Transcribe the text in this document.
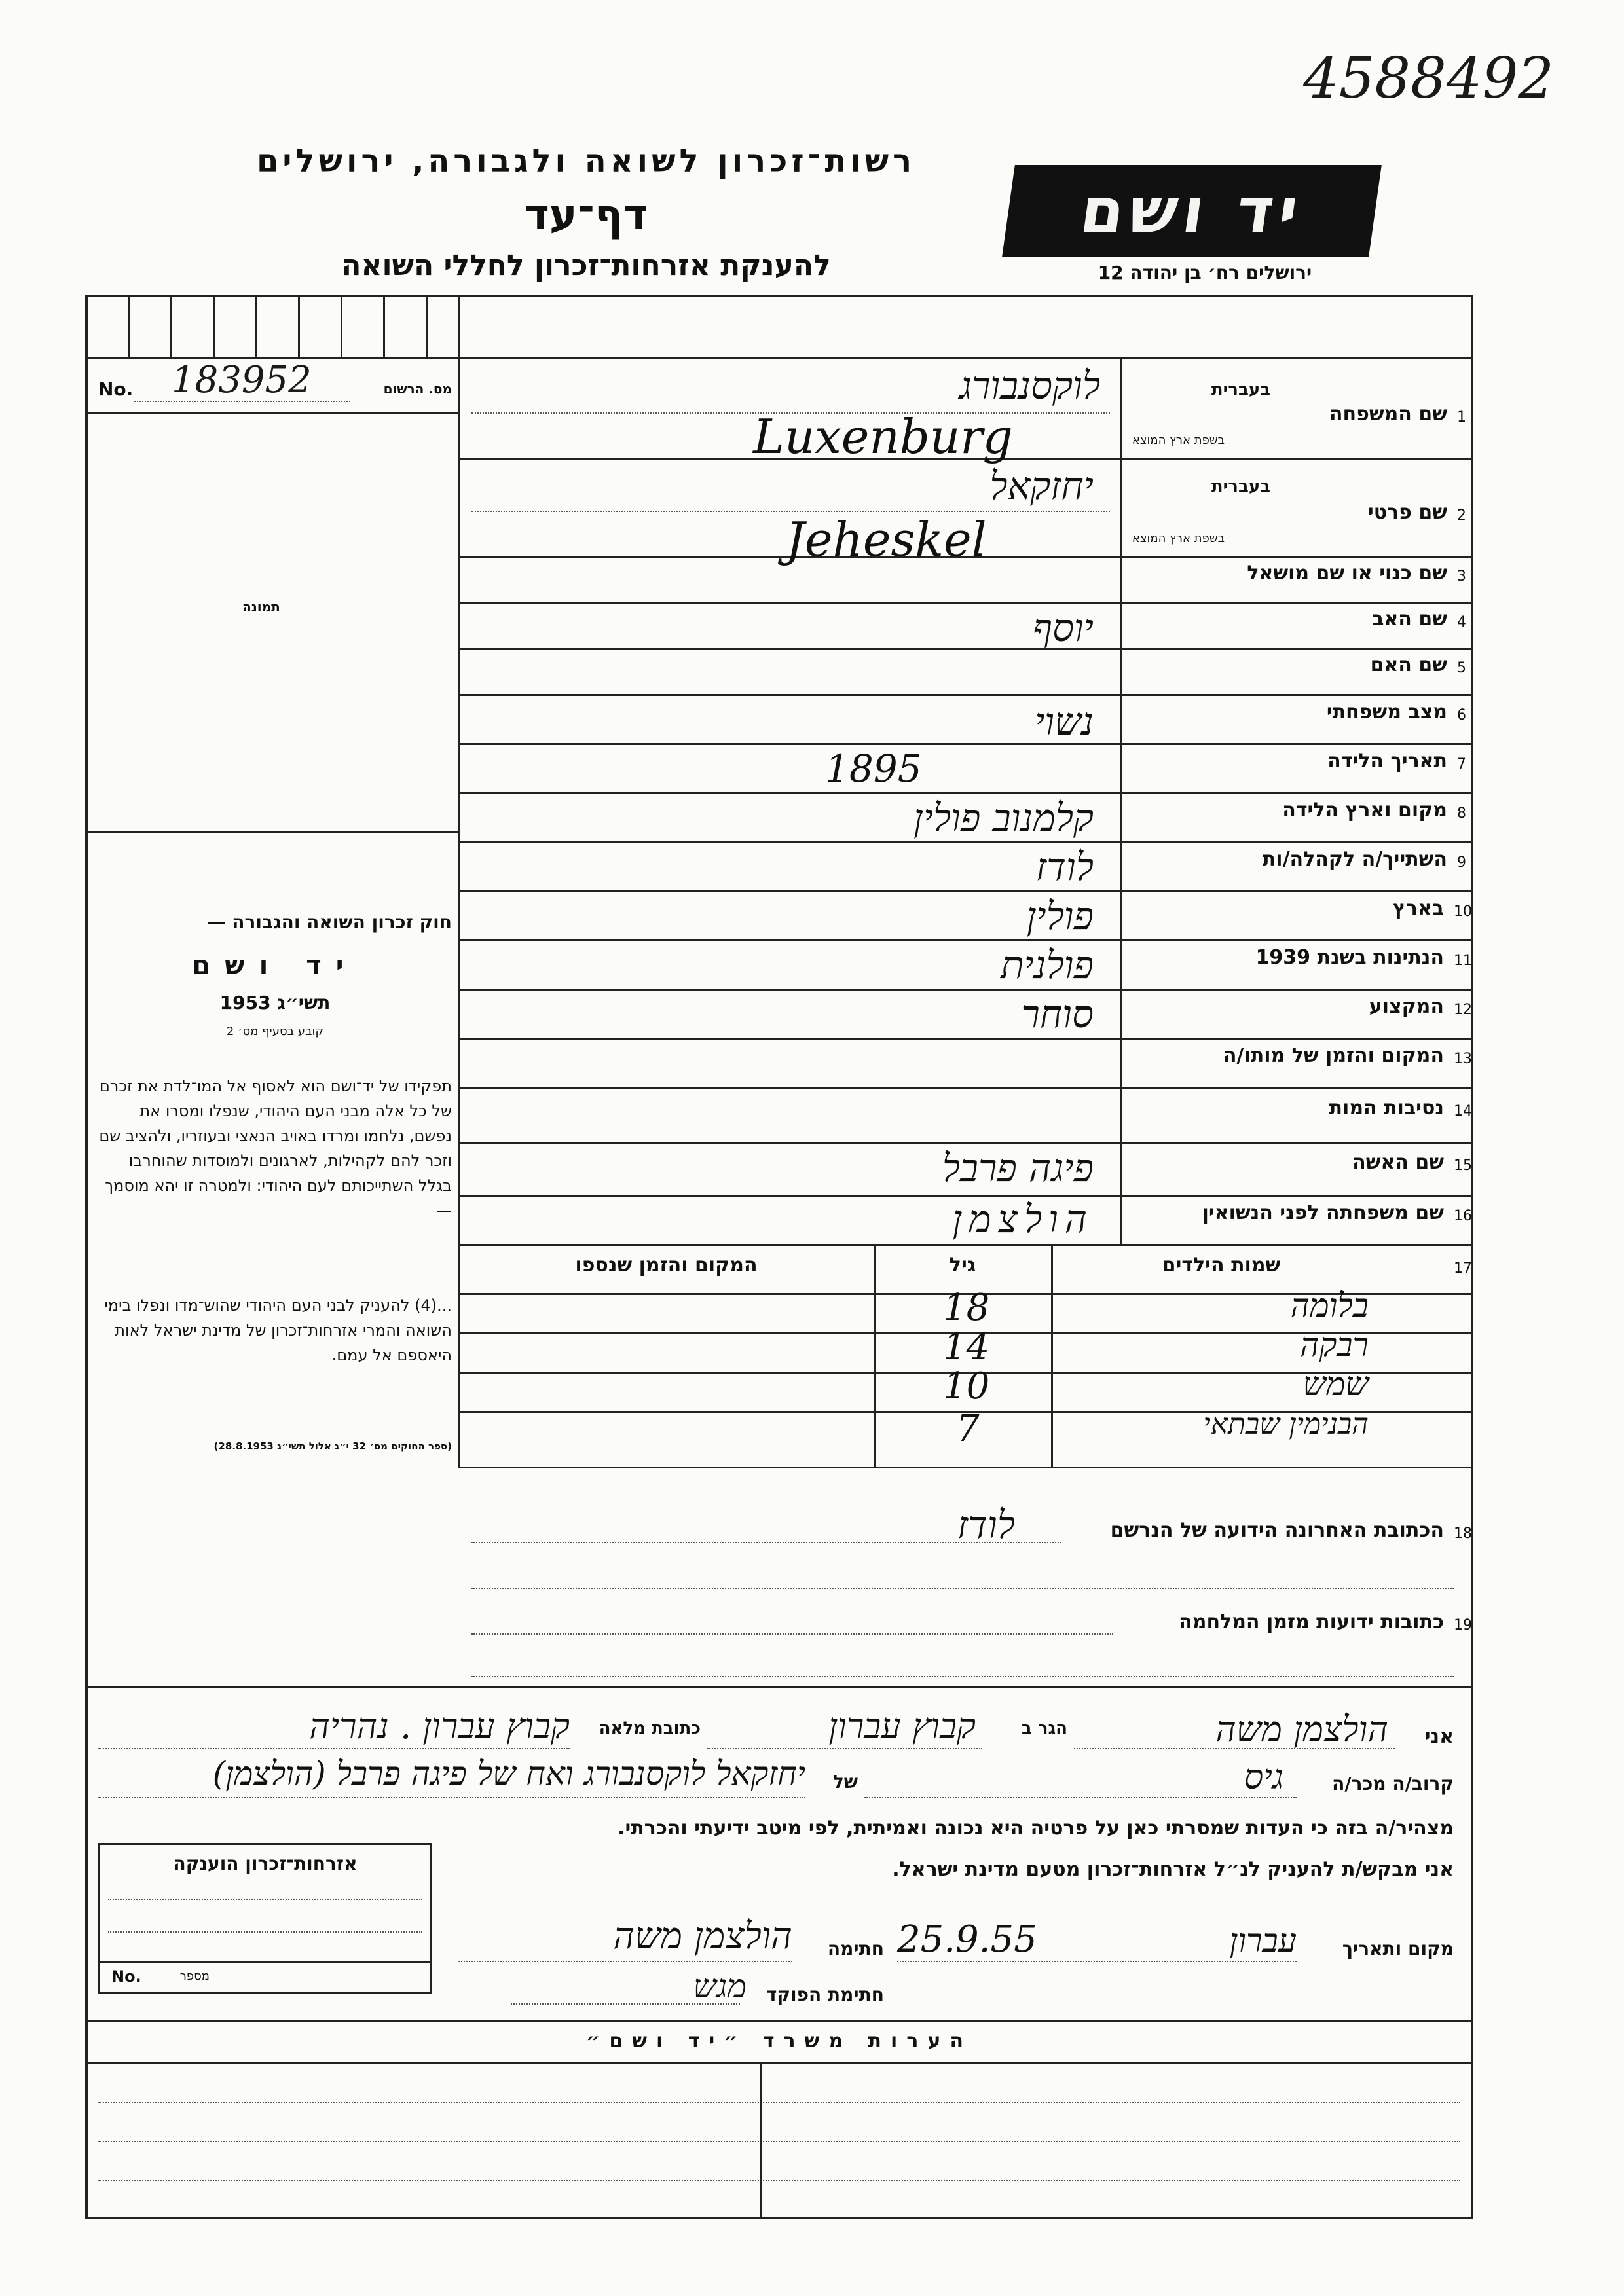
4588492
רשות־זכרון לשואה ולגבורה, ירושלים
דף־עד
להענקת אזרחות־זכרון לחללי השואה
יד ושם
ירושלים רח׳ בן יהודה 12
No. 183952	מס. הרשום
תמונה
חוק זכרון השואה והגבורה —
יד ושם
תשי״ג 1953
קובע בסעיף מס׳ 2
תפקידו של יד־ושם הוא לאסוף אל המו־לדת את זכרם של כל אלה מבני העם היהודי, שנפלו ומסרו את נפשם, נלחמו ומרדו באויב הנאצי ובעוזריו, ולהציב שם וזכר להם לקהילות, לארגונים ולמוסדות שהוחרבו בגלל השתייכותם לעם היהודי: ולמטרה זו יהא מוסמך —
...(4) להעניק לבני העם היהודי שהוש־מדו ונפלו בימי השואה והמרי אזרחות־זכרון של מדינת ישראל לאות היאספם אל עמם.
(ספר החוקים מס׳ 32 י״ג אלול תשי״ג 28.8.1953)
1
שם המשפחה
בעברית
בשפת ארץ המוצא
לוקסנבורג
Luxenburg
2
שם פרטי
בעברית
בשפת ארץ המוצא
יחזקאל
Jeheskel
3
שם כנוי או שם מושאל
4
שם האב
יוסף
5
שם האם
6
מצב משפחתי
נשוי
7
תאריך הלידה
1895
8
מקום וארץ הלידה
קלמנוב פולין
9
השתייך/ה לקהלה/ות
לודז
10
בארץ
פולין
11
הנתינות בשנת 1939
פולנית
12
המקצוע
סוחר
13
המקום והזמן של מותו/ה
14
נסיבות המות
15
שם האשה
פיגה פרבל
16
שם משפחתה לפני הנשואין
הולצמן
17
שמות הילדים
גיל
המקום והזמן שנספו
בלומה
18
רבקה
14
שמש
10
הבנימין שבתאי
7
18
הכתובת האחרונה הידועה של הנרשם
לודז
19
כתובות ידועות מזמן המלחמה
אני
הולצמן משה
הגר ב
קבוץ עברון
כתובת מלאה
קבוץ עברון . נהריה
קרוב/ה מכר/ה
גיס
של
יחזקאל לוקסנבורג ואח של פיגה פרבל (הולצמן)
מצהיר/ה בזה כי העדות שמסרתי כאן על פרטיה היא נכונה ואמיתית, לפי מיטב ידיעתי והכרתי.
אני מבקש/ת להעניק לנ״ל אזרחות־זכרון מטעם מדינת ישראל.
אזרחות־זכרון הוענקה
No.	מספר
מקום ותאריך
עברון
25.9.55
חתימה
הולצמן משה
חתימת הפוקד
מגש
הערות משרד ״יד ושם״
